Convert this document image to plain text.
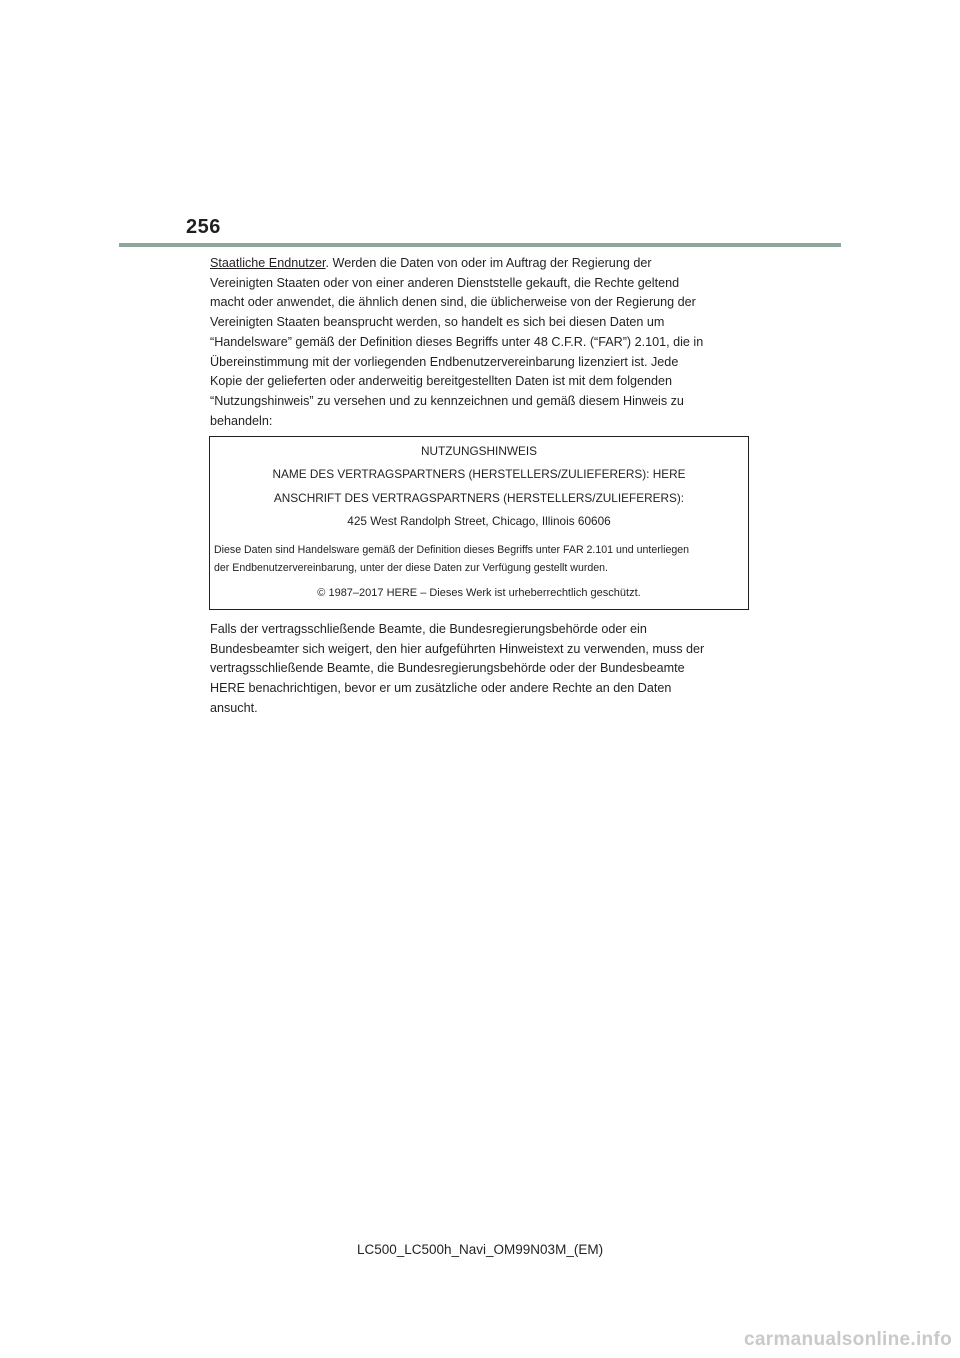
256
Staatliche Endnutzer. Werden die Daten von oder im Auftrag der Regierung der
Vereinigten Staaten oder von einer anderen Dienststelle gekauft, die Rechte geltend
macht oder anwendet, die ähnlich denen sind, die üblicherweise von der Regierung der
Vereinigten Staaten beansprucht werden, so handelt es sich bei diesen Daten um
“Handelsware” gemäß der Definition dieses Begriffs unter 48 C.F.R. (“FAR”) 2.101, die in
Übereinstimmung mit der vorliegenden Endbenutzervereinbarung lizenziert ist. Jede
Kopie der gelieferten oder anderweitig bereitgestellten Daten ist mit dem folgenden
“Nutzungshinweis” zu versehen und zu kennzeichnen und gemäß diesem Hinweis zu
behandeln:
NUTZUNGSHINWEIS
NAME DES VERTRAGSPARTNERS (HERSTELLERS/ZULIEFERERS): HERE
ANSCHRIFT DES VERTRAGSPARTNERS (HERSTELLERS/ZULIEFERERS):
425 West Randolph Street, Chicago, Illinois 60606
Diese Daten sind Handelsware gemäß der Definition dieses Begriffs unter FAR 2.101 und unterliegen
der Endbenutzervereinbarung, unter der diese Daten zur Verfügung gestellt wurden.
© 1987–2017 HERE – Dieses Werk ist urheberrechtlich geschützt.
Falls der vertragsschließende Beamte, die Bundesregierungsbehörde oder ein
Bundesbeamter sich weigert, den hier aufgeführten Hinweistext zu verwenden, muss der
vertragsschließende Beamte, die Bundesregierungsbehörde oder der Bundesbeamte
HERE benachrichtigen, bevor er um zusätzliche oder andere Rechte an den Daten
ansucht.
LC500_LC500h_Navi_OM99N03M_(EM)
carmanualsonline.info
